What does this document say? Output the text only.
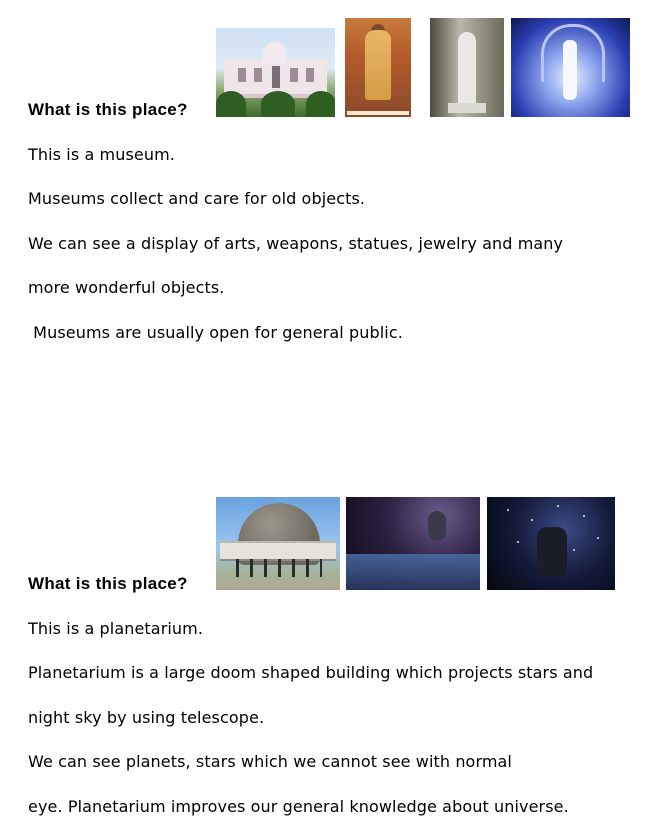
What is this place?
This is a museum.
Museums collect and care for old objects.
We can see a display of arts, weapons, statues, jewelry and many
more wonderful objects.
Museums are usually open for general public.
What is this place?
This is a planetarium.
Planetarium is a large doom shaped building which projects stars and
night sky by using telescope.
We can see planets, stars which we cannot see with normal
eye. Planetarium improves our general knowledge about universe.
